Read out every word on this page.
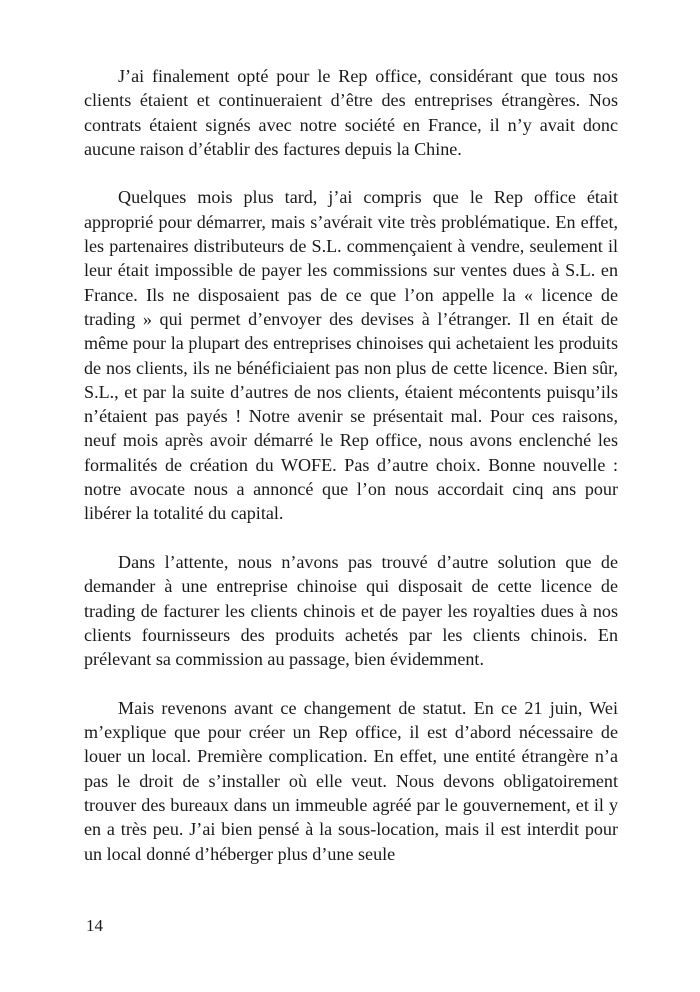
J’ai finalement opté pour le Rep office, considérant que tous nos clients étaient et continueraient d’être des entreprises étrangères. Nos contrats étaient signés avec notre société en France, il n’y avait donc aucune raison d’établir des factures depuis la Chine.

Quelques mois plus tard, j’ai compris que le Rep office était approprié pour démarrer, mais s’avérait vite très problématique. En effet, les partenaires distributeurs de S.L. commençaient à vendre, seulement il leur était impossible de payer les commissions sur ventes dues à S.L. en France. Ils ne disposaient pas de ce que l’on appelle la « licence de trading » qui permet d’envoyer des devises à l’étranger. Il en était de même pour la plupart des entreprises chinoises qui achetaient les produits de nos clients, ils ne bénéficiaient pas non plus de cette licence. Bien sûr, S.L., et par la suite d’autres de nos clients, étaient mécontents puisqu’ils n’étaient pas payés ! Notre avenir se présentait mal. Pour ces raisons, neuf mois après avoir démarré le Rep office, nous avons enclenché les formalités de création du WOFE. Pas d’autre choix. Bonne nouvelle : notre avocate nous a annoncé que l’on nous accordait cinq ans pour libérer la totalité du capital.

Dans l’attente, nous n’avons pas trouvé d’autre solution que de demander à une entreprise chinoise qui disposait de cette licence de trading de facturer les clients chinois et de payer les royalties dues à nos clients fournisseurs des produits achetés par les clients chinois. En prélevant sa commission au passage, bien évidemment.

Mais revenons avant ce changement de statut. En ce 21 juin, Wei m’explique que pour créer un Rep office, il est d’abord nécessaire de louer un local. Première complication. En effet, une entité étrangère n’a pas le droit de s’installer où elle veut. Nous devons obligatoirement trouver des bureaux dans un immeuble agréé par le gouvernement, et il y en a très peu. J’ai bien pensé à la sous-location, mais il est interdit pour un local donné d’héberger plus d’une seule

14
